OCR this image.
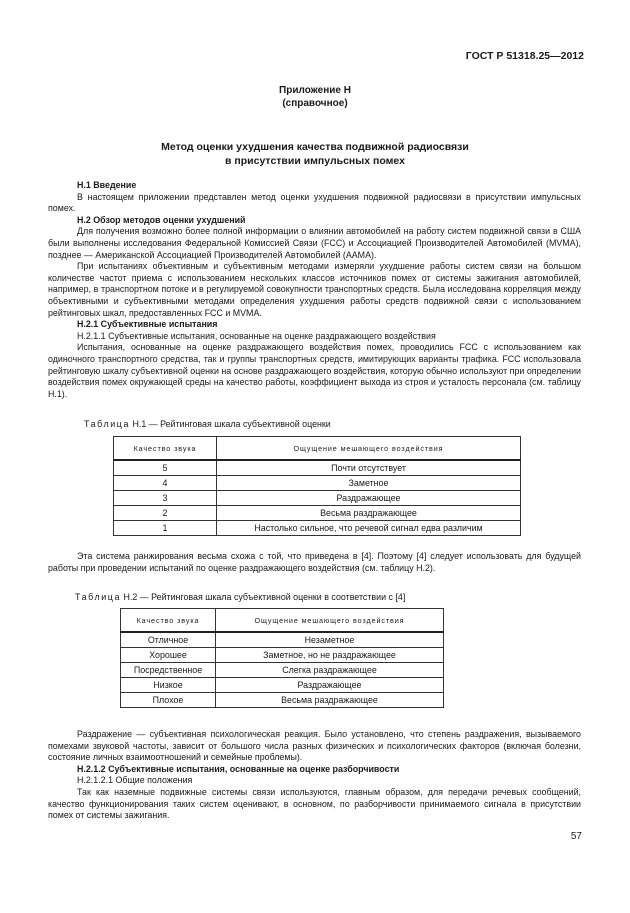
ГОСТ Р 51318.25—2012
Приложение Н
(справочное)
Метод оценки ухудшения качества подвижной радиосвязи
в присутствии импульсных помех

Н.1 Введение

В настоящем приложении представлен метод оценки ухудшения подвижной радиосвязи в присутствии импульсных помех.

Н.2 Обзор методов оценки ухудшений

Для получения возможно более полной информации о влиянии автомобилей на работу систем подвижной связи в США были выполнены исследования Федеральной Комиссией Связи (FCC) и Ассоциацией Производителей Автомобилей (MVMA), позднее — Американской Ассоциацией Производителей Автомобилей (AAMA).

При испытаниях объективным и субъективным методами измеряли ухудшение работы систем связи на большом количестве частот приема с использованием нескольких классов источников помех от системы зажигания автомобилей, например, в транспортном потоке и в регулируемой совокупности транспортных средств. Была исследована корреляция между объективными и субъективными методами определения ухудшения работы средств подвижной связи с использованием рейтинговых шкал, предоставленных FCC и MVMA.

Н.2.1 Субъективные испытания

Н.2.1.1 Субъективные испытания, основанные на оценке раздражающего воздействия

Испытания, основанные на оценке раздражающего воздействия помех, проводились FCC с использованием как одиночного транспортного средства, так и группы транспортных средств, имитирующих варианты трафика. FCC использовала рейтинговую шкалу субъективной оценки на основе раздражающего воздействия, которую обычно используют при определении воздействия помех окружающей среды на качество работы, коэффициент выхода из строя и усталость персонала (см. таблицу Н.1).

Таблица Н.1 — Рейтинговая шкала субъективной оценки
Качество звука	Ощущение мешающего воздействия
5	Почти отсутствует
4	Заметное
3	Раздражающее
2	Весьма раздражающее
1	Настолько сильное, что речевой сигнал едва различим

Эта система ранжирования весьма схожа с той, что приведена в [4]. Поэтому [4] следует использовать для будущей работы при проведении испытаний по оценке раздражающего воздействия (см. таблицу Н.2).

Таблица Н.2 — Рейтинговая шкала субъективной оценки в соответствии с [4]
Качество звука	Ощущение мешающего воздействия
Отличное	Незаметное
Хорошее	Заметное, но не раздражающее
Посредственное	Слегка раздражающее
Низкое	Раздражающее
Плохое	Весьма раздражающее

Раздражение — субъективная психологическая реакция. Было установлено, что степень раздражения, вызываемого помехами звуковой частоты, зависит от большого числа разных физических и психологических факторов (включая болезни, состояние личных взаимоотношений и семейные проблемы).

Н.2.1.2 Субъективные испытания, основанные на оценке разборчивости

Н.2.1.2.1 Общие положения

Так как наземные подвижные системы связи используются, главным образом, для передачи речевых сообщений, качество функционирования таких систем оценивают, в основном, по разборчивости принимаемого сигнала в присутствии помех от системы зажигания.

57
